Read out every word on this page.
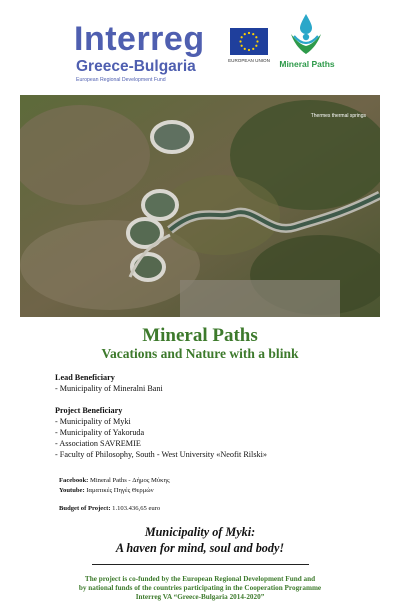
Interreg
Greece-Bulgaria
European Regional Development Fund
EUROPEAN UNION	Mineral Paths
Thermes thermal springs
Mineral Paths
Vacations and Nature with a blink
Lead Beneficiary
- Municipality of Mineralni Bani
Project Beneficiary
- Municipality of Myki
- Municipality of Yakoruda
- Association SAVREMIE
- Faculty of Philosophy, South - West University «Neofit Rilski»
Facebook: Mineral Paths - Δήμος Μύκης
Youtube: Ιαματικές Πηγές Θερμών
Budget of Project: 1.103.436,65 euro
Municipality of Myki:
A haven for mind, soul and body!
The project is co-funded by the European Regional Development Fund and
by national funds of the countries participating in the Cooperation Programme
Interreg VA “Greece-Bulgaria 2014-2020”
